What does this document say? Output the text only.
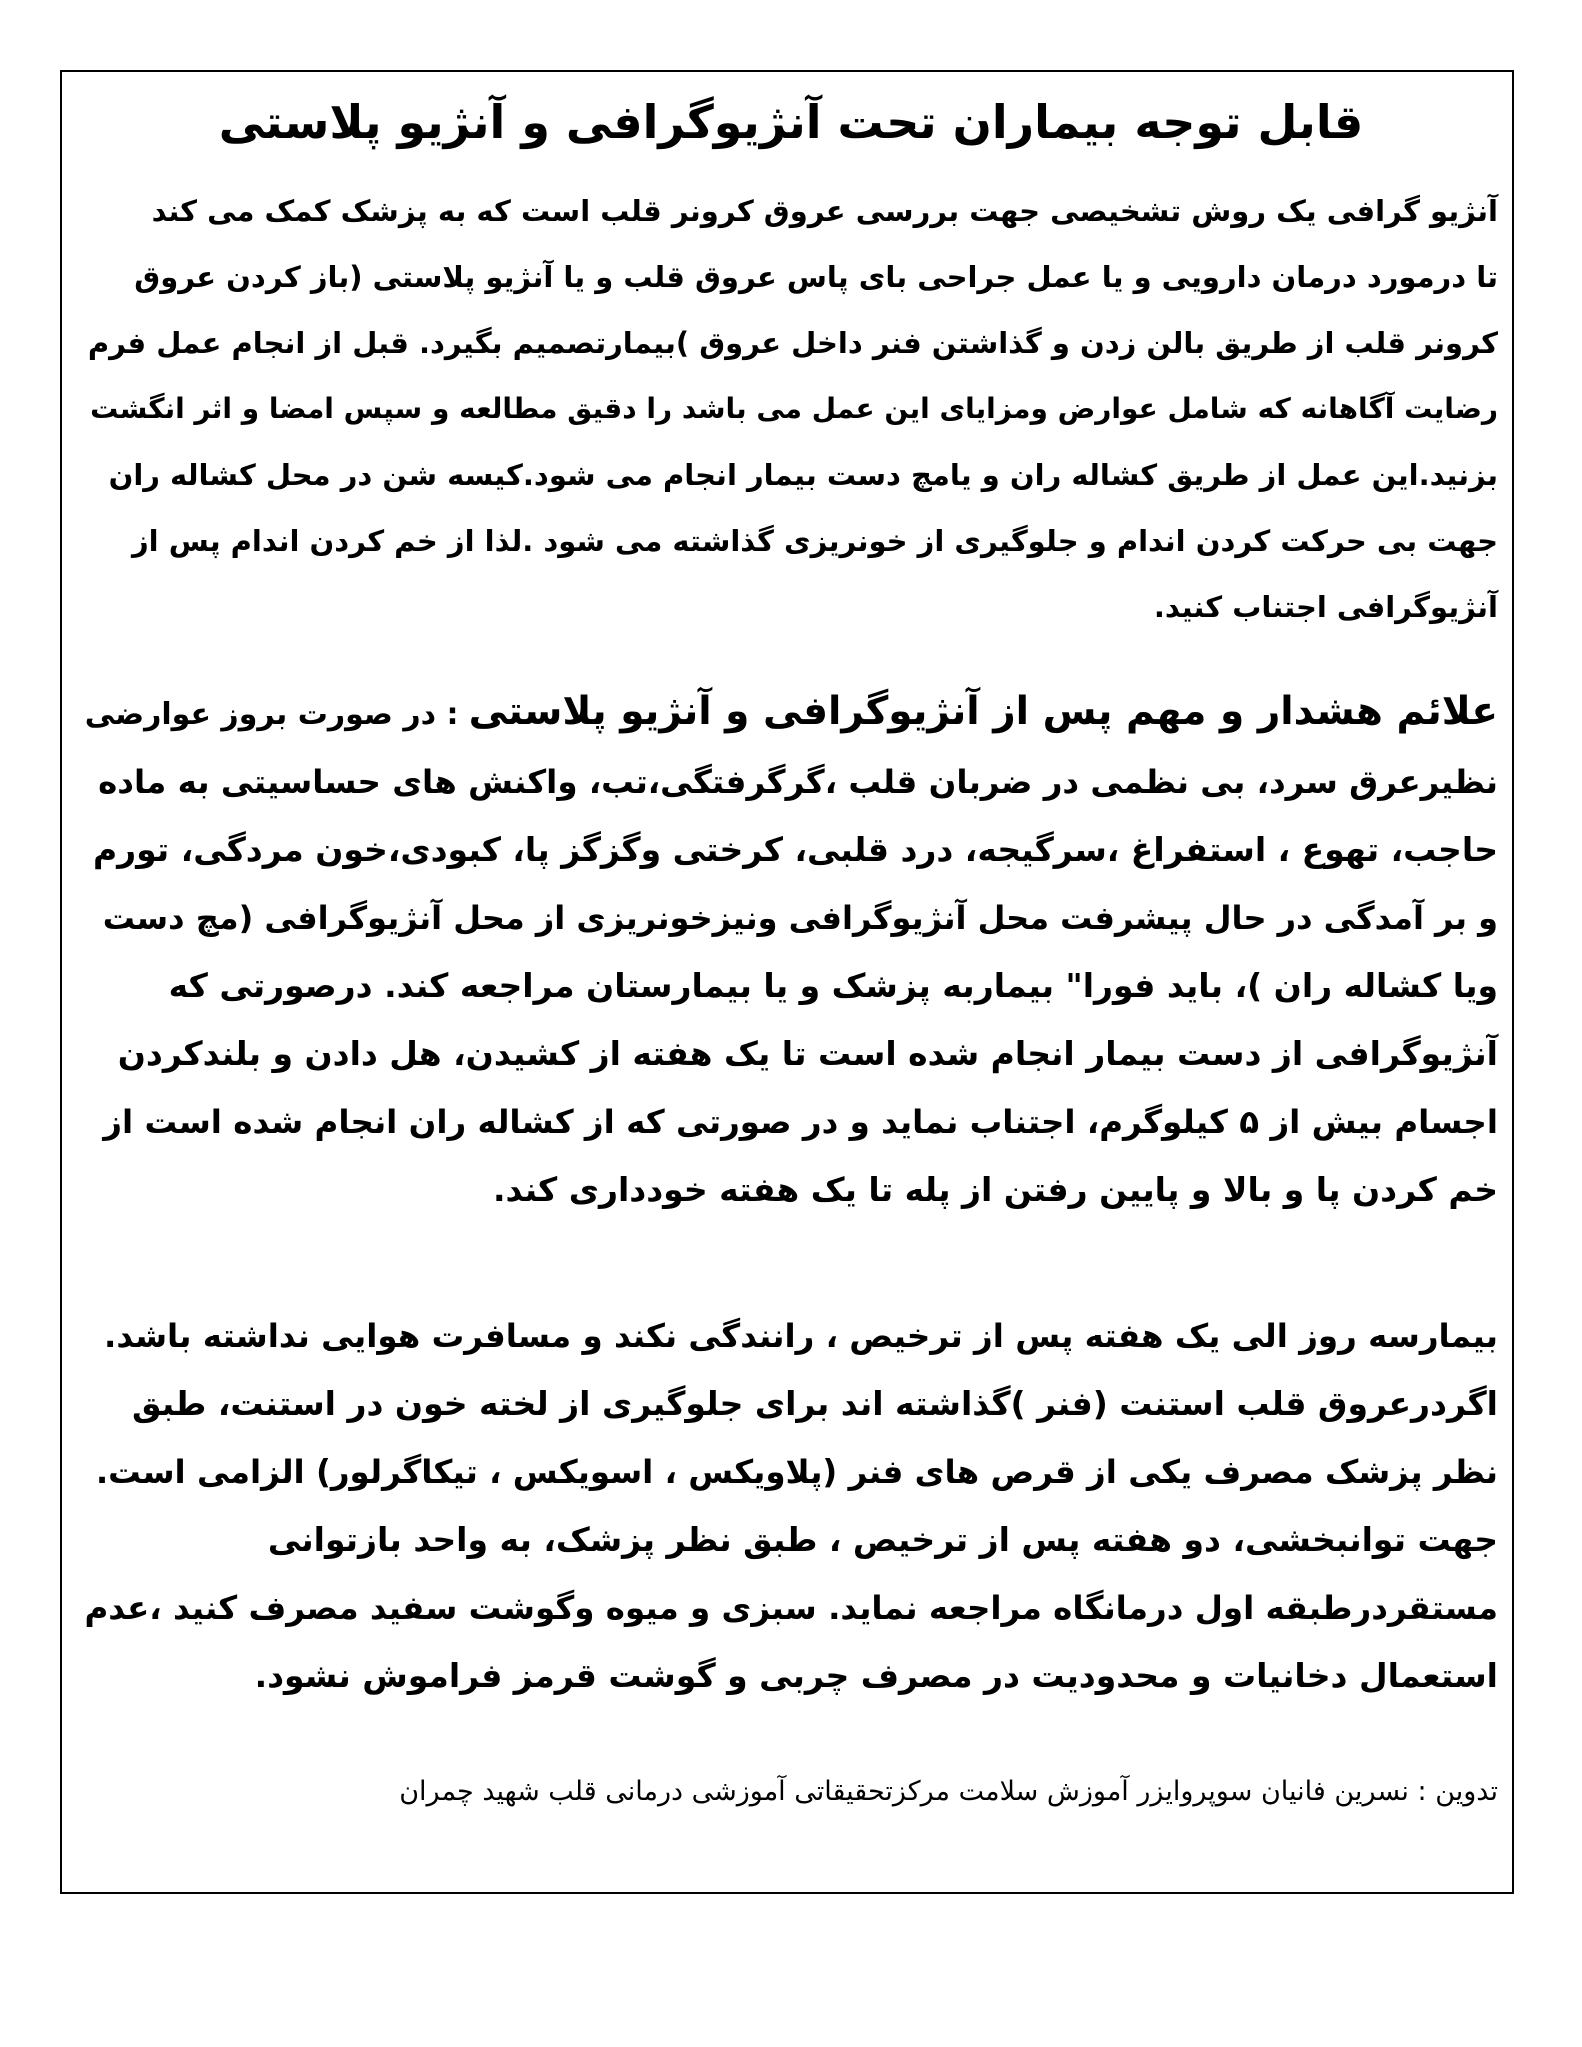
قابل توجه بیماران تحت آنژیوگرافی و آنژیو پلاستی
آنژیو گرافی یک روش تشخیصی جهت بررسی عروق کرونر قلب است که به پزشک کمک می کند
تا درمورد درمان دارویی و یا عمل جراحی بای پاس عروق قلب و یا آنژیو پلاستی (باز کردن عروق
کرونر قلب از طریق بالن زدن و گذاشتن فنر داخل عروق )بیمارتصمیم بگیرد. قبل از انجام عمل فرم
رضایت آگاهانه که شامل عوارض ومزایای این عمل می باشد را دقیق مطالعه و سپس امضا و اثر انگشت
بزنید.این عمل از طریق کشاله ران و یامچ دست بیمار انجام می شود.کیسه شن در محل کشاله ران
جهت بی حرکت کردن اندام و جلوگیری از خونریزی گذاشته می شود .لذا از خم کردن اندام پس از
آنژیوگرافی اجتناب کنید.
علائم هشدار و مهم پس از آنژیوگرافی و آنژیو پلاستی : در صورت بروز عوارضی
نظیرعرق سرد، بی نظمی در ضربان قلب ،گرگرفتگی،تب، واکنش های حساسیتی به ماده
حاجب، تهوع ، استفراغ ،سرگیجه، درد قلبی، کرختی وگزگز پا، کبودی،خون مردگی، تورم
و بر آمدگی در حال پیشرفت محل آنژیوگرافی ونیزخونریزی از محل آنژیوگرافی (مچ دست
ویا کشاله ران )، باید فورا" بیماربه پزشک و یا بیمارستان مراجعه کند. درصورتی که
آنژیوگرافی از دست بیمار انجام شده است تا یک هفته از کشیدن، هل دادن و بلندکردن
اجسام بیش از ۵ کیلوگرم، اجتناب نماید و در صورتی که از کشاله ران انجام شده است از
خم کردن پا و بالا و پایین رفتن از پله تا یک هفته خودداری کند.
بیمارسه روز الی یک هفته پس از ترخیص ، رانندگی نکند و مسافرت هوایی نداشته باشد.
اگردرعروق قلب استنت (فنر )گذاشته اند برای جلوگیری از لخته خون در استنت، طبق
نظر پزشک مصرف یکی از قرص های فنر (پلاویکس ، اسویکس ، تیکاگرلور) الزامی است.
جهت توانبخشی، دو هفته پس از ترخیص ، طبق نظر پزشک، به واحد بازتوانی
مستقردرطبقه اول درمانگاه مراجعه نماید. سبزی و میوه وگوشت سفید مصرف کنید ،عدم
استعمال دخانیات و محدودیت در مصرف چربی و گوشت قرمز فراموش نشود.
تدوین : نسرین فانیان سوپروایزر آموزش سلامت مرکزتحقیقاتی آموزشی درمانی قلب شهید چمران
